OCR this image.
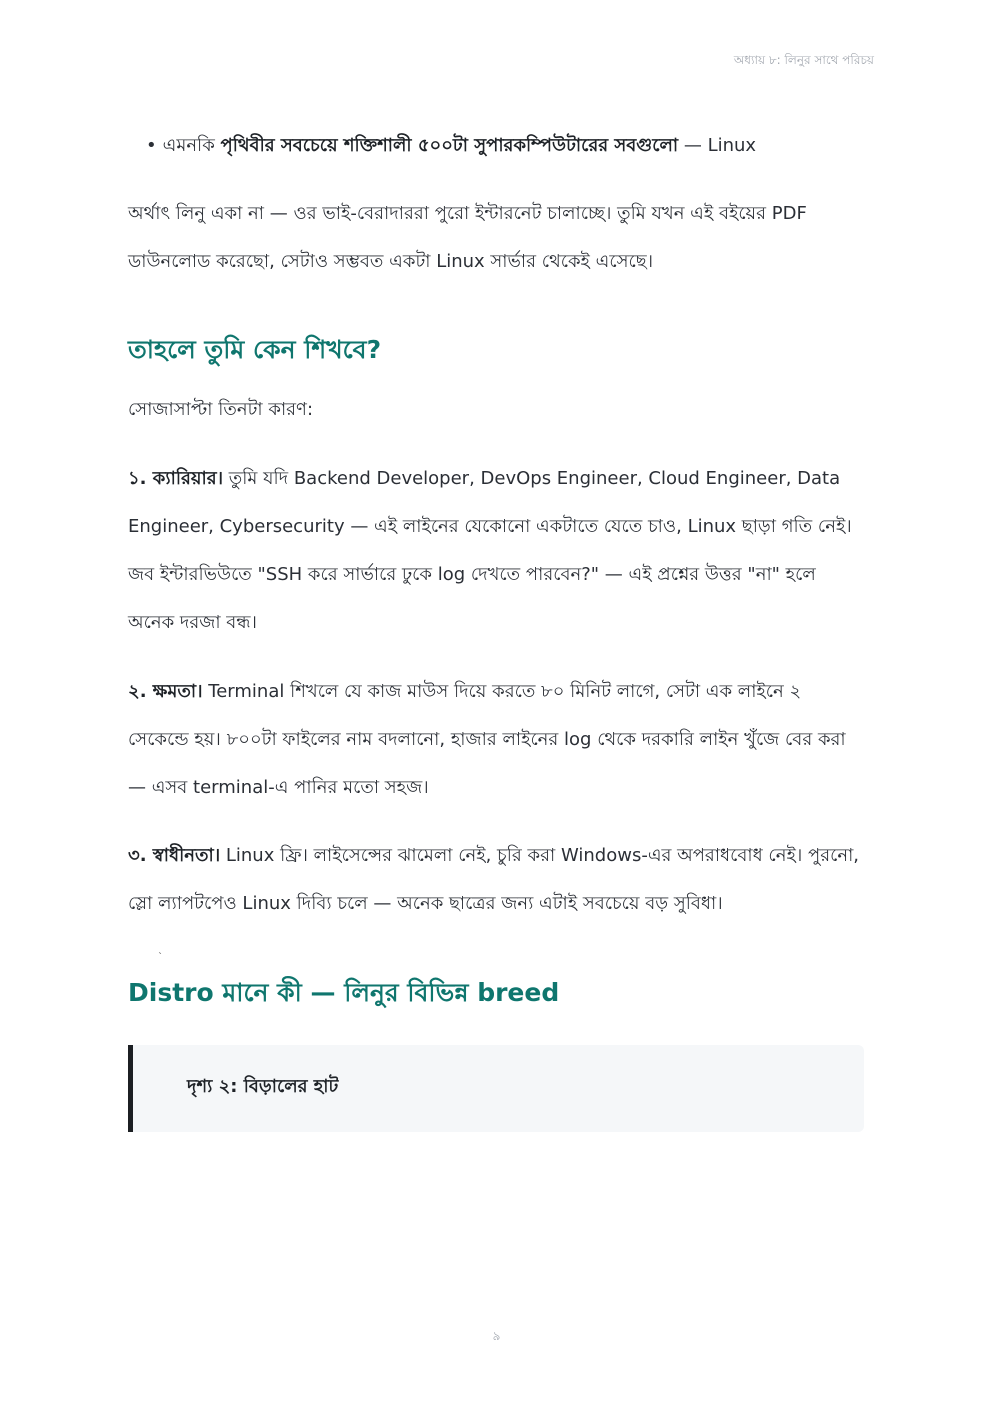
অধ্যায় ৮: লিনুর সাথে পরিচয়
• এমনকি পৃথিবীর সবচেয়ে শক্তিশালী ৫০০টা সুপারকম্পিউটারের সবগুলো — Linux

অর্থাৎ লিনু একা না — ওর ভাই-বেরাদাররা পুরো ইন্টারনেট চালাচ্ছে। তুমি যখন এই বইয়ের PDF ডাউনলোড করেছো, সেটাও সম্ভবত একটা Linux সার্ভার থেকেই এসেছে।

তাহলে তুমি কেন শিখবে?

সোজাসাপ্টা তিনটা কারণ:

১. ক্যারিয়ার। তুমি যদি Backend Developer, DevOps Engineer, Cloud Engineer, Data Engineer, Cybersecurity — এই লাইনের যেকোনো একটাতে যেতে চাও, Linux ছাড়া গতি নেই। জব ইন্টারভিউতে "SSH করে সার্ভারে ঢুকে log দেখতে পারবেন?" — এই প্রশ্নের উত্তর "না" হলে অনেক দরজা বন্ধ।

২. ক্ষমতা। Terminal শিখলে যে কাজ মাউস দিয়ে করতে ৮০ মিনিট লাগে, সেটা এক লাইনে ২ সেকেন্ডে হয়। ৮০০টা ফাইলের নাম বদলানো, হাজার লাইনের log থেকে দরকারি লাইন খুঁজে বের করা — এসব terminal-এ পানির মতো সহজ।

৩. স্বাধীনতা। Linux ফ্রি। লাইসেন্সের ঝামেলা নেই, চুরি করা Windows-এর অপরাধবোধ নেই। পুরনো, স্লো ল্যাপটপেও Linux দিব্যি চলে — অনেক ছাত্রের জন্য এটাই সবচেয়ে বড় সুবিধা।

ˋ
Distro মানে কী — লিনুর বিভিন্ন breed
দৃশ্য ২: বিড়ালের হাট
৯
